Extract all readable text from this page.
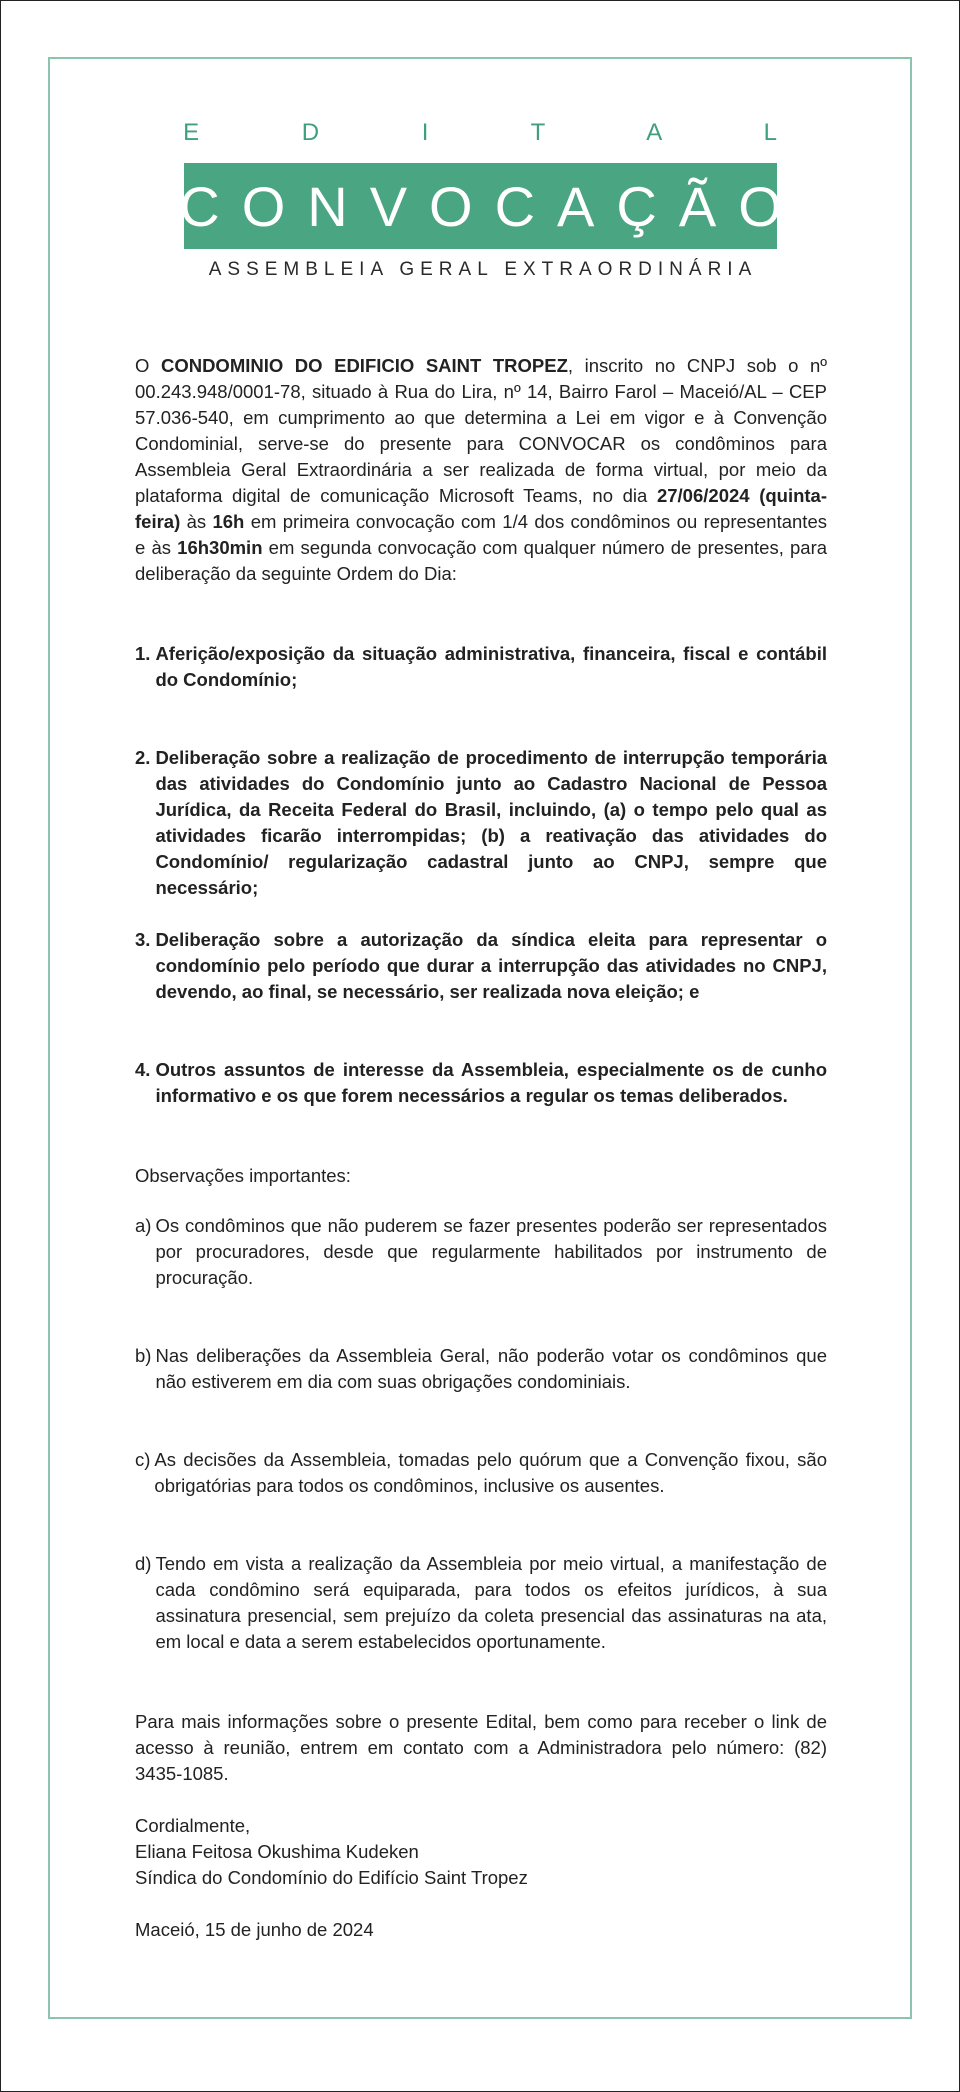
E D I T A L
CONVOCAÇÃO
ASSEMBLEIA GERAL EXTRAORDINÁRIA
O CONDOMINIO DO EDIFICIO SAINT TROPEZ, inscrito no CNPJ sob o nº 00.243.948/0001-78, situado à Rua do Lira, nº 14, Bairro Farol – Maceió/AL – CEP 57.036-540, em cumprimento ao que determina a Lei em vigor e à Convenção Condominial, serve-se do presente para CONVOCAR os condôminos para Assembleia Geral Extraordinária a ser realizada de forma virtual, por meio da plataforma digital de comunicação Microsoft Teams, no dia 27/06/2024 (quinta-feira) às 16h em primeira convocação com 1/4 dos condôminos ou representantes e às 16h30min em segunda convocação com qualquer número de presentes, para deliberação da seguinte Ordem do Dia:
1. Aferição/exposição da situação administrativa, financeira, fiscal e contábil do Condomínio;
2. Deliberação sobre a realização de procedimento de interrupção temporária das atividades do Condomínio junto ao Cadastro Nacional de Pessoa Jurídica, da Receita Federal do Brasil, incluindo, (a) o tempo pelo qual as atividades ficarão interrompidas; (b) a reativação das atividades do Condomínio/ regularização cadastral junto ao CNPJ, sempre que necessário;
3. Deliberação sobre a autorização da síndica eleita para representar o condomínio pelo período que durar a interrupção das atividades no CNPJ, devendo, ao final, se necessário, ser realizada nova eleição; e
4. Outros assuntos de interesse da Assembleia, especialmente os de cunho informativo e os que forem necessários a regular os temas deliberados.
Observações importantes:
a) Os condôminos que não puderem se fazer presentes poderão ser representados por procuradores, desde que regularmente habilitados por instrumento de procuração.
b) Nas deliberações da Assembleia Geral, não poderão votar os condôminos que não estiverem em dia com suas obrigações condominiais.
c) As decisões da Assembleia, tomadas pelo quórum que a Convenção fixou, são obrigatórias para todos os condôminos, inclusive os ausentes.
d) Tendo em vista a realização da Assembleia por meio virtual, a manifestação de cada condômino será equiparada, para todos os efeitos jurídicos, à sua assinatura presencial, sem prejuízo da coleta presencial das assinaturas na ata, em local e data a serem estabelecidos oportunamente.
Para mais informações sobre o presente Edital, bem como para receber o link de acesso à reunião, entrem em contato com a Administradora pelo número: (82) 3435-1085.
Cordialmente,
Eliana Feitosa Okushima Kudeken
Síndica do Condomínio do Edifício Saint Tropez
Maceió, 15 de junho de 2024
